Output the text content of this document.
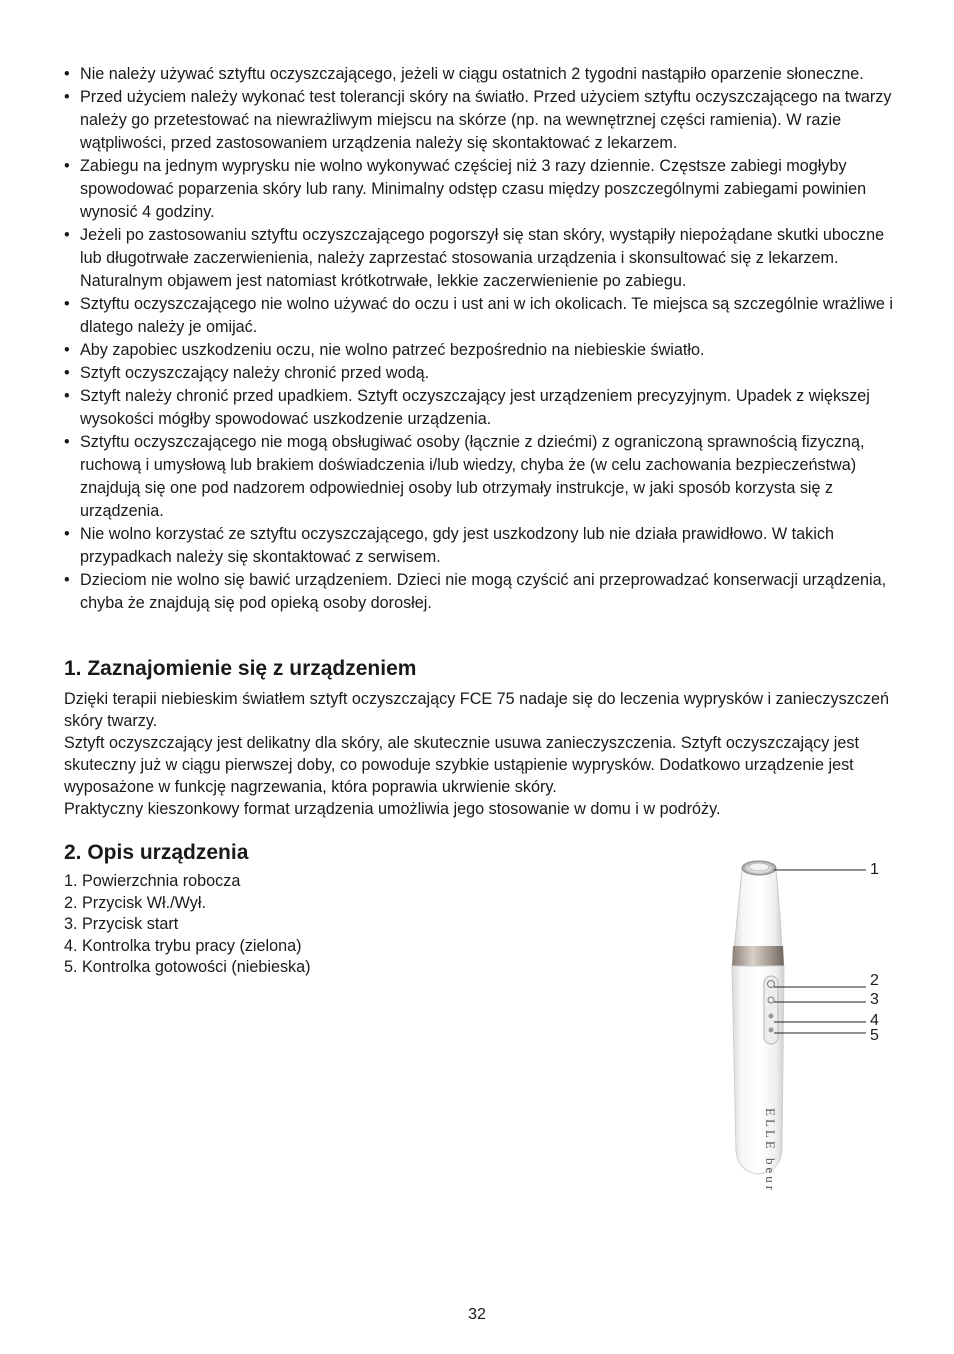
• Nie należy używać sztyftu oczyszczającego, jeżeli w ciągu ostatnich 2 tygodni nastąpiło oparzenie słoneczne.
• Przed użyciem należy wykonać test tolerancji skóry na światło. Przed użyciem sztyftu oczyszczającego na twarzy należy go przetestować na niewrażliwym miejscu na skórze (np. na wewnętrznej części ramienia). W razie wątpliwości, przed zastosowaniem urządzenia należy się skontaktować z lekarzem.
• Zabiegu na jednym wyprysku nie wolno wykonywać częściej niż 3 razy dziennie. Częstsze zabiegi mogłyby spowodować poparzenia skóry lub rany. Minimalny odstęp czasu między poszczególnymi zabiegami powinien wynosić 4 godziny.
• Jeżeli po zastosowaniu sztyftu oczyszczającego pogorszył się stan skóry, wystąpiły niepożądane skutki uboczne lub długotrwałe zaczerwienienia, należy zaprzestać stosowania urządzenia i skonsultować się z lekarzem. Naturalnym objawem jest natomiast krótkotrwałe, lekkie zaczerwienienie po zabiegu.
• Sztyftu oczyszczającego nie wolno używać do oczu i ust ani w ich okolicach. Te miejsca są szczególnie wrażliwe i dlatego należy je omijać.
• Aby zapobiec uszkodzeniu oczu, nie wolno patrzeć bezpośrednio na niebieskie światło.
• Sztyft oczyszczający należy chronić przed wodą.
• Sztyft należy chronić przed upadkiem. Sztyft oczyszczający jest urządzeniem precyzyjnym. Upadek z większej wysokości mógłby spowodować uszkodzenie urządzenia.
• Sztyftu oczyszczającego nie mogą obsługiwać osoby (łącznie z dziećmi) z ograniczoną sprawnością fizyczną, ruchową i umysłową lub brakiem doświadczenia i/lub wiedzy, chyba że (w celu zachowania bezpieczeństwa) znajdują się one pod nadzorem odpowiedniej osoby lub otrzymały instrukcje, w jaki sposób korzysta się z urządzenia.
• Nie wolno korzystać ze sztyftu oczyszczającego, gdy jest uszkodzony lub nie działa prawidłowo. W takich przypadkach należy się skontaktować z serwisem.
• Dzieciom nie wolno się bawić urządzeniem. Dzieci nie mogą czyścić ani przeprowadzać konserwacji urządzenia, chyba że znajdują się pod opieką osoby dorosłej.
1. Zaznajomienie się z urządzeniem

Dzięki terapii niebieskim światłem sztyft oczyszczający FCE 75 nadaje się do leczenia wyprysków i zanieczyszczeń skóry twarzy.

Sztyft oczyszczający jest delikatny dla skóry, ale skutecznie usuwa zanieczyszczenia. Sztyft oczyszczający jest skuteczny już w ciągu pierwszej doby, co powoduje szybkie ustąpienie wyprysków. Dodatkowo urządzenie jest wyposażone w funkcję nagrzewania, która poprawia ukrwienie skóry.

Praktyczny kieszonkowy format urządzenia umożliwia jego stosowanie w domu i w podróży.

2. Opis urządzenia
1. Powierzchnia robocza
2. Przycisk Wł./Wył.
3. Przycisk start
4. Kontrolka trybu pracy (zielona)
5. Kontrolka gotowości (niebieska)
ELLE beurer
1
2
3
4
5
32
